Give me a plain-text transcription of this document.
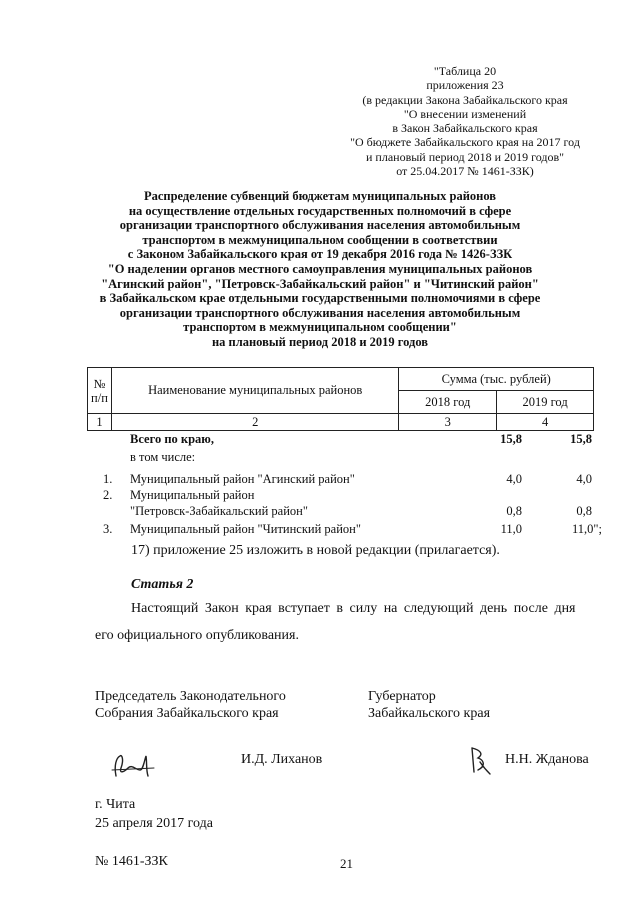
"Таблица 20
приложения 23
(в редакции Закона Забайкальского края
"О внесении изменений
в Закон Забайкальского края
"О бюджете Забайкальского края на 2017 год
и плановый период 2018 и 2019 годов"
от 25.04.2017 № 1461-ЗЗК)
Распределение субвенций бюджетам муниципальных районов
на осуществление отдельных государственных полномочий в сфере
организации транспортного обслуживания населения автомобильным
транспортом в межмуниципальном сообщении в соответствии
с Законом Забайкальского края от 19 декабря 2016 года № 1426-ЗЗК
"О наделении органов местного самоуправления муниципальных районов
"Агинский район", "Петровск-Забайкальский район" и "Читинский район"
в Забайкальском крае отдельными государственными полномочиями в сфере
организации транспортного обслуживания населения автомобильным
транспортом в межмуниципальном сообщении"
на плановый период 2018 и 2019 годов
№ п/п	Наименование муниципальных районов	Сумма (тыс. рублей)	
		2018 год	2019 год
1	2	3	4
Всего по краю,	15,8	15,8
в том числе:
1. Муниципальный район "Агинский район"	4,0	4,0
2. Муниципальный район
"Петровск-Забайкальский район"	0,8	0,8
3. Муниципальный район "Читинский район"	11,0	11,0";
17) приложение 25 изложить в новой редакции (прилагается).
Статья 2
Настоящий Закон края вступает в силу на следующий день после дня
его официального опубликования.
Председатель Законодательного
Собрания Забайкальского края
Губернатор
Забайкальского края
И.Д. Лиханов	Н.Н. Жданова
г. Чита
25 апреля 2017 года
№ 1461-ЗЗК	21
